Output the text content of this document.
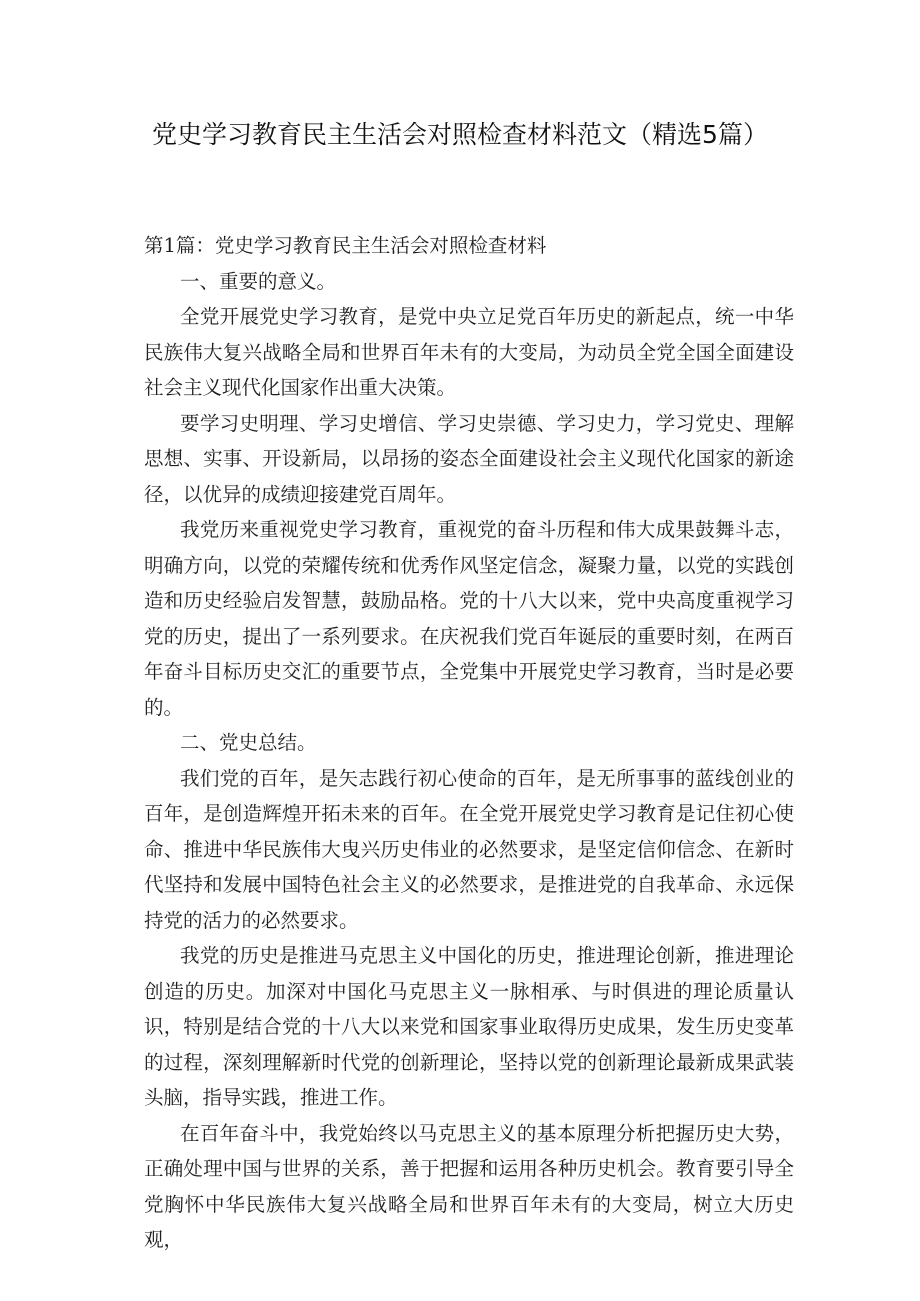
党史学习教育民主生活会对照检查材料范文（精选5篇）

第1篇：党史学习教育民主生活会对照检查材料

一、重要的意义。

全党开展党史学习教育，是党中央立足党百年历史的新起点，统一中华民族伟大复兴战略全局和世界百年未有的大变局，为动员全党全国全面建设社会主义现代化国家作出重大决策。

要学习史明理、学习史增信、学习史崇德、学习史力，学习党史、理解思想、实事、开设新局，以昂扬的姿态全面建设社会主义现代化国家的新途径，以优异的成绩迎接建党百周年。

我党历来重视党史学习教育，重视党的奋斗历程和伟大成果鼓舞斗志，明确方向，以党的荣耀传统和优秀作风坚定信念，凝聚力量，以党的实践创造和历史经验启发智慧，鼓励品格。党的十八大以来，党中央高度重视学习党的历史，提出了一系列要求。在庆祝我们党百年诞辰的重要时刻，在两百年奋斗目标历史交汇的重要节点，全党集中开展党史学习教育，当时是必要的。

二、党史总结。

我们党的百年，是矢志践行初心使命的百年，是无所事事的蓝线创业的百年，是创造辉煌开拓未来的百年。在全党开展党史学习教育是记住初心使命、推进中华民族伟大曳兴历史伟业的必然要求，是坚定信仰信念、在新时代坚持和发展中国特色社会主义的必然要求，是推进党的自我革命、永远保持党的活力的必然要求。

我党的历史是推进马克思主义中国化的历史，推进理论创新，推进理论创造的历史。加深对中国化马克思主义一脉相承、与时俱进的理论质量认识，特别是结合党的十八大以来党和国家事业取得历史成果，发生历史变革的过程，深刻理解新时代党的创新理论，坚持以党的创新理论最新成果武装头脑，指导实践，推进工作。

在百年奋斗中，我党始终以马克思主义的基本原理分析把握历史大势，正确处理中国与世界的关系，善于把握和运用各种历史机会。教育要引导全党胸怀中华民族伟大复兴战略全局和世界百年未有的大变局，树立大历史观，
